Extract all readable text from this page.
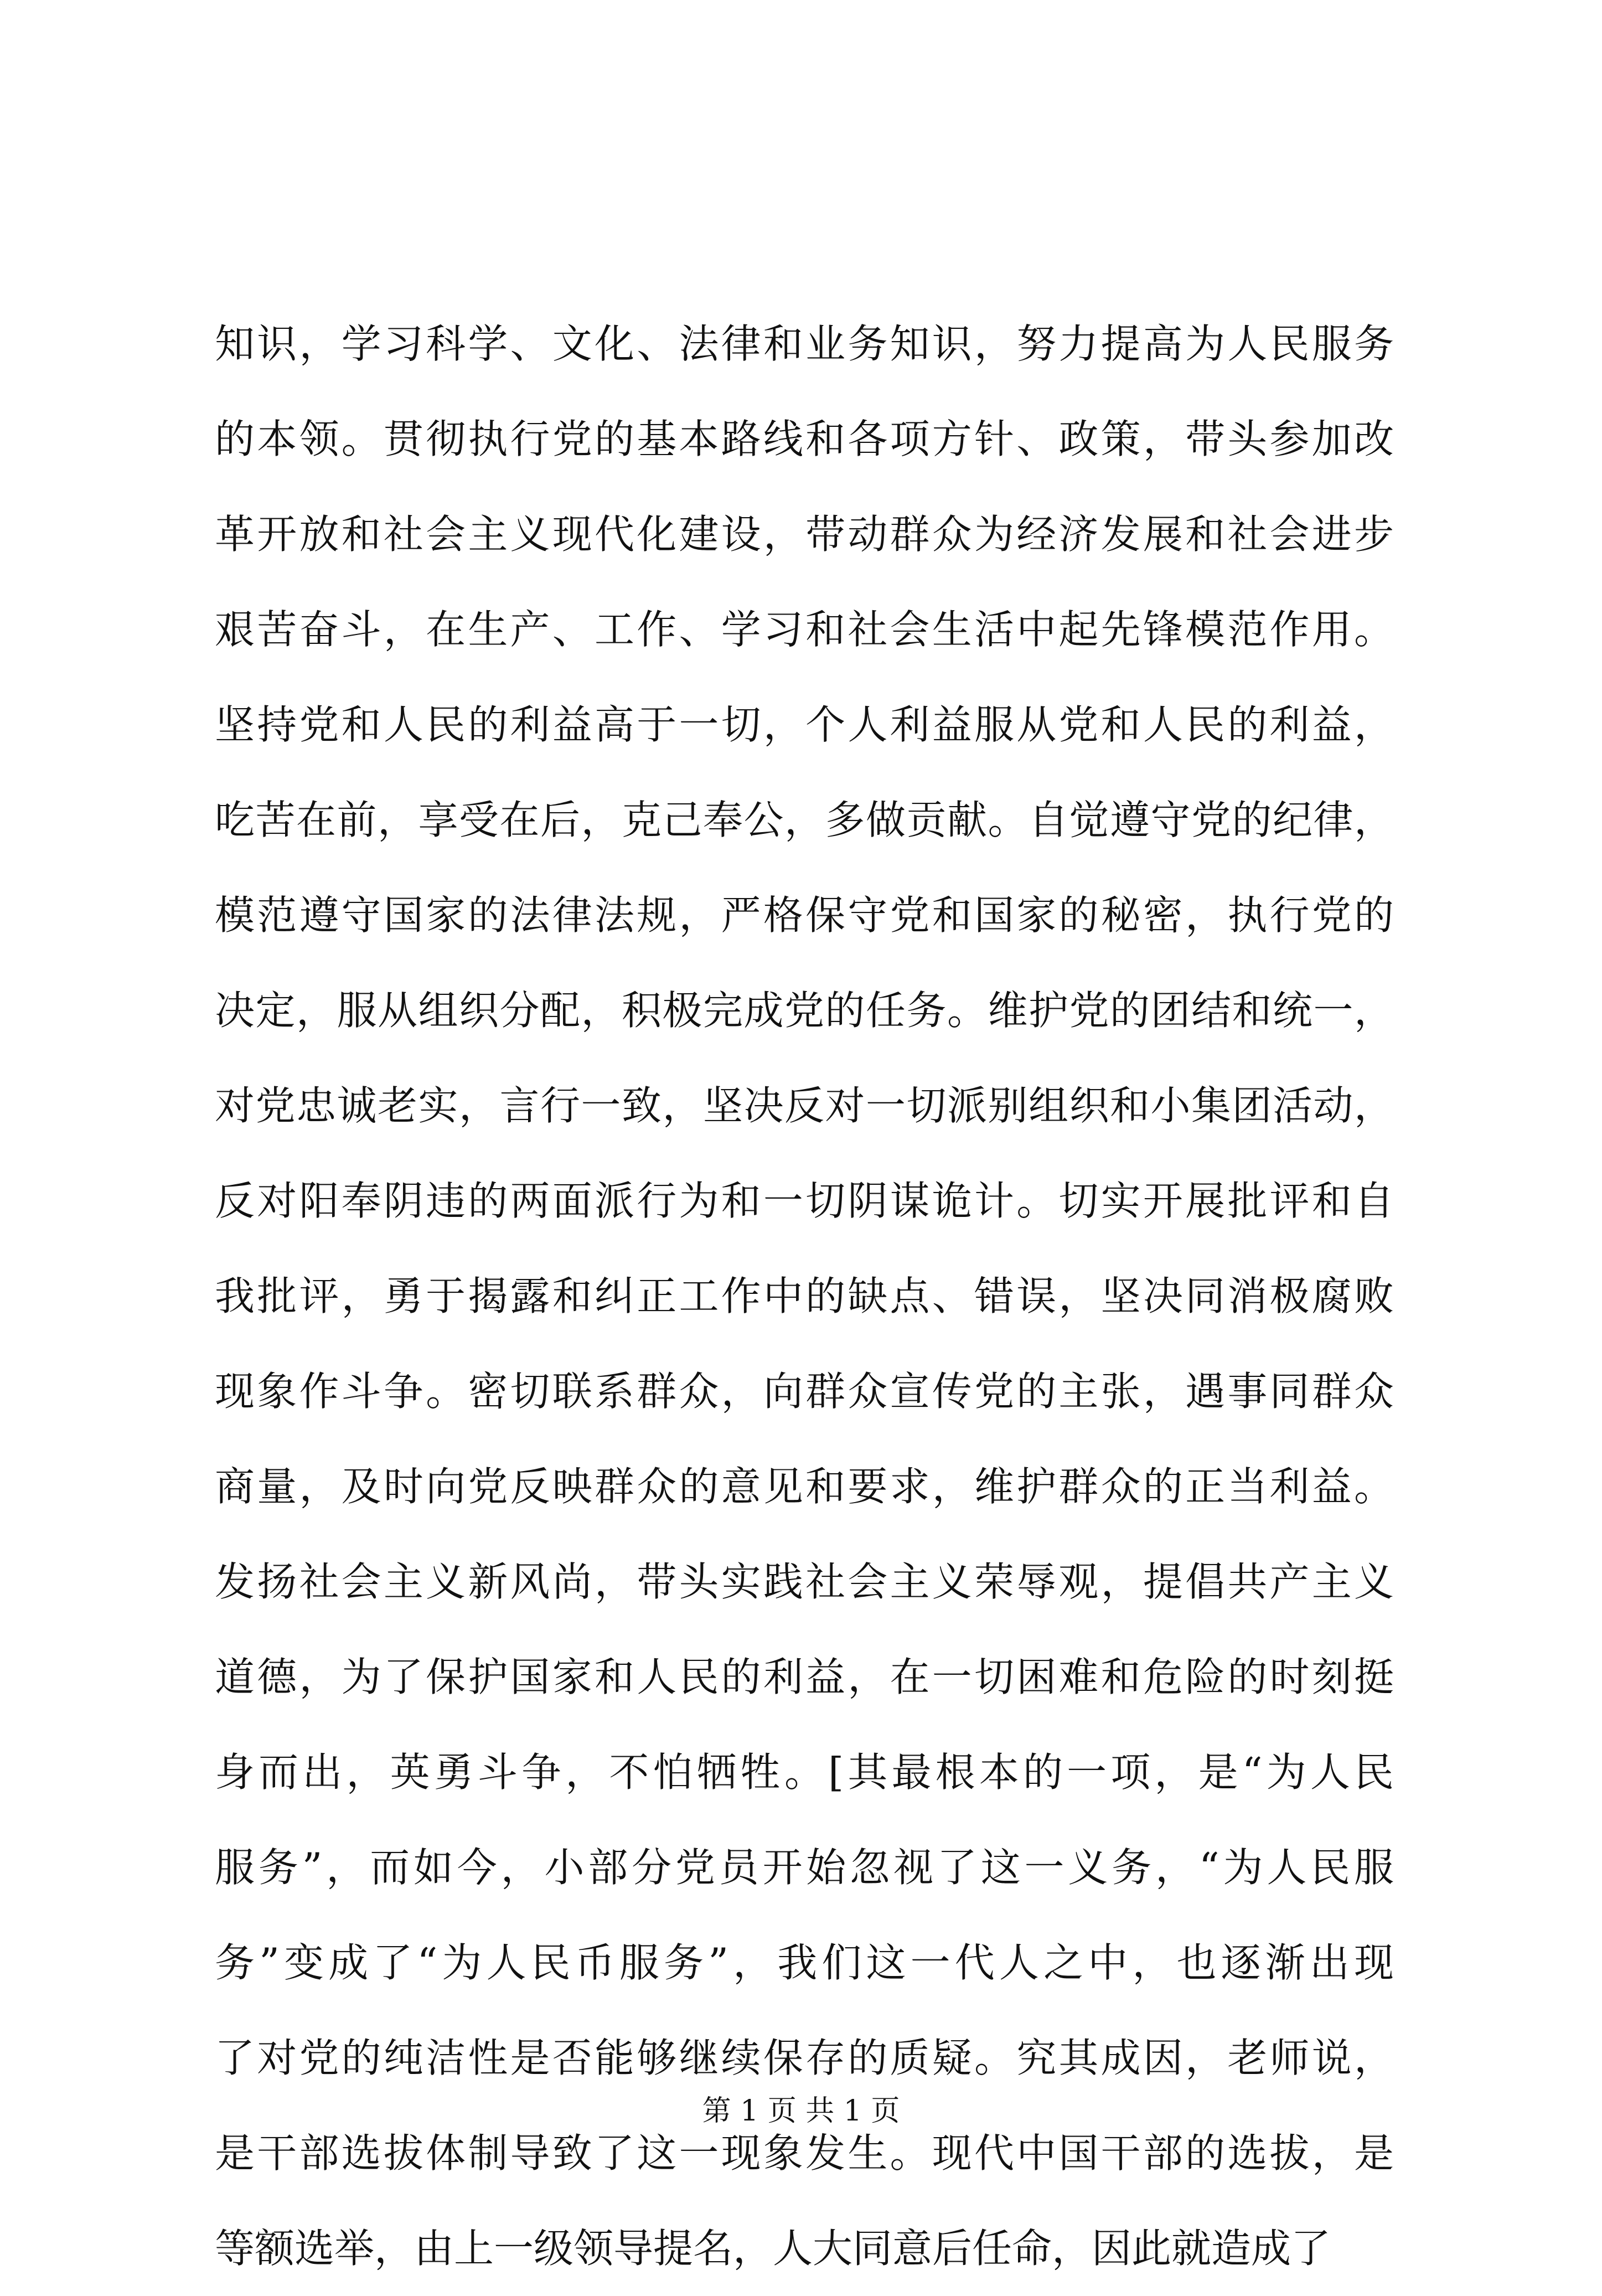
知识，学习科学、文化、法律和业务知识，努力提高为人民服务
的本领。贯彻执行党的基本路线和各项方针、政策，带头参加改
革开放和社会主义现代化建设，带动群众为经济发展和社会进步
艰苦奋斗，在生产、工作、学习和社会生活中起先锋模范作用。
坚持党和人民的利益高于一切，个人利益服从党和人民的利益，
吃苦在前，享受在后，克己奉公，多做贡献。自觉遵守党的纪律，
模范遵守国家的法律法规，严格保守党和国家的秘密，执行党的
决定，服从组织分配，积极完成党的任务。维护党的团结和统一，
对党忠诚老实，言行一致，坚决反对一切派别组织和小集团活动，
反对阳奉阴违的两面派行为和一切阴谋诡计。切实开展批评和自
我批评，勇于揭露和纠正工作中的缺点、错误，坚决同消极腐败
现象作斗争。密切联系群众，向群众宣传党的主张，遇事同群众
商量，及时向党反映群众的意见和要求，维护群众的正当利益。
发扬社会主义新风尚，带头实践社会主义荣辱观，提倡共产主义
道德，为了保护国家和人民的利益，在一切困难和危险的时刻挺
身而出，英勇斗争，不怕牺牲。[其最根本的一项，是“为人民
服务”，而如今，小部分党员开始忽视了这一义务，“为人民服
务”变成了“为人民币服务”，我们这一代人之中，也逐渐出现
了对党的纯洁性是否能够继续保存的质疑。究其成因，老师说，
是干部选拔体制导致了这一现象发生。现代中国干部的选拔，是
等额选举，由上一级领导提名，人大同意后任命，因此就造成了
第 1 页 共 1 页
